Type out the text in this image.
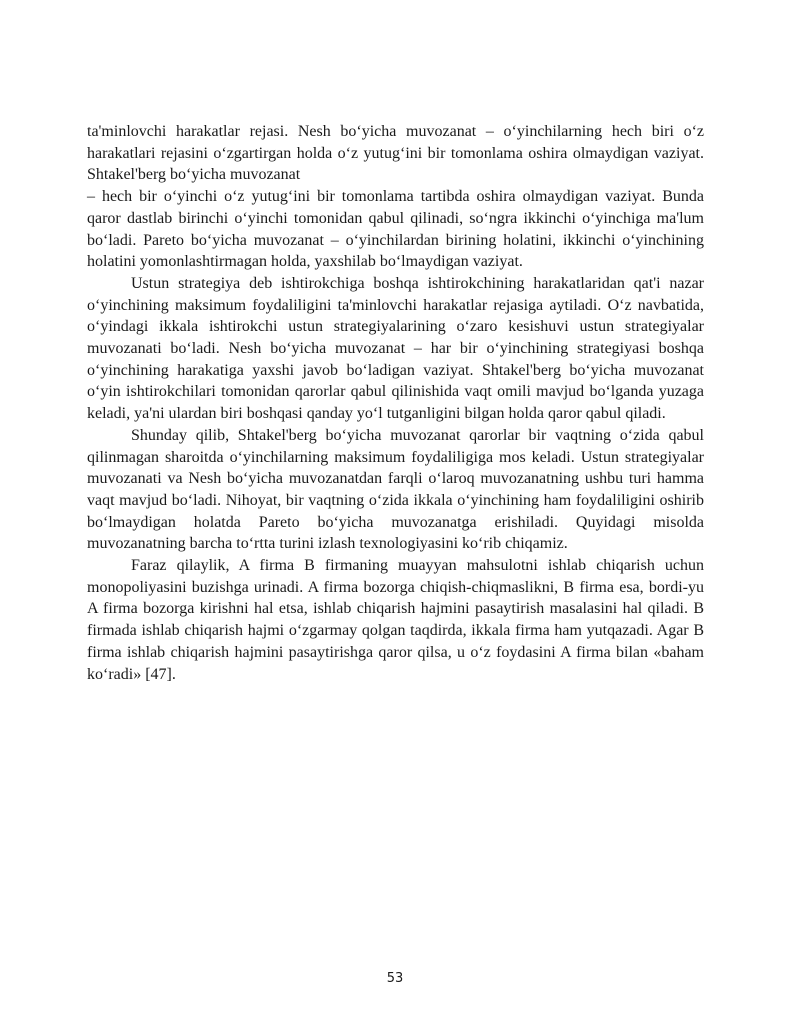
ta'minlovchi harakatlar rejasi. Nesh bo‘yicha muvozanat – o‘yinchilarning hech biri o‘z harakatlari rejasini o‘zgartirgan holda o‘z yutug‘ini bir tomonlama oshira olmaydigan vaziyat. Shtakel'berg bo‘yicha muvozanat

– hech bir o‘yinchi o‘z yutug‘ini bir tomonlama tartibda oshira olmaydigan vaziyat. Bunda qaror dastlab birinchi o‘yinchi tomonidan qabul qilinadi, so‘ngra ikkinchi o‘yinchiga ma'lum bo‘ladi. Pareto bo‘yicha muvozanat – o‘yinchilardan birining holatini, ikkinchi o‘yinchining holatini yomonlashtirmagan holda, yaxshilab bo‘lmaydigan vaziyat.

Ustun strategiya deb ishtirokchiga boshqa ishtirokchining harakatlaridan qat'i nazar o‘yinchining maksimum foydaliligini ta'minlovchi harakatlar rejasiga aytiladi. O‘z navbatida, o‘yindagi ikkala ishtirokchi ustun strategiyalarining o‘zaro kesishuvi ustun strategiyalar muvozanati bo‘ladi. Nesh bo‘yicha muvozanat – har bir o‘yinchining strategiyasi boshqa o‘yinchining harakatiga yaxshi javob bo‘ladigan vaziyat. Shtakel'berg bo‘yicha muvozanat o‘yin ishtirokchilari tomonidan qarorlar qabul qilinishida vaqt omili mavjud bo‘lganda yuzaga keladi, ya'ni ulardan biri boshqasi qanday yo‘l tutganligini bilgan holda qaror qabul qiladi.

Shunday qilib, Shtakel'berg bo‘yicha muvozanat qarorlar bir vaqtning o‘zida qabul qilinmagan sharoitda o‘yinchilarning maksimum foydaliligiga mos keladi. Ustun strategiyalar muvozanati va Nesh bo‘yicha muvozanatdan farqli o‘laroq muvozanatning ushbu turi hamma vaqt mavjud bo‘ladi. Nihoyat, bir vaqtning o‘zida ikkala o‘yinchining ham foydaliligini oshirib bo‘lmaydigan holatda Pareto bo‘yicha muvozanatga erishiladi. Quyidagi misolda muvozanatning barcha to‘rtta turini izlash texnologiyasini ko‘rib chiqamiz.

Faraz qilaylik, A firma B firmaning muayyan mahsulotni ishlab chiqarish uchun monopoliyasini buzishga urinadi. A firma bozorga chiqish-chiqmaslikni, B firma esa, bordi-yu A firma bozorga kirishni hal etsa, ishlab chiqarish hajmini pasaytirish masalasini hal qiladi. B firmada ishlab chiqarish hajmi o‘zgarmay qolgan taqdirda, ikkala firma ham yutqazadi. Agar B firma ishlab chiqarish hajmini pasaytirishga qaror qilsa, u o‘z foydasini A firma bilan «baham ko‘radi» [47].

53
